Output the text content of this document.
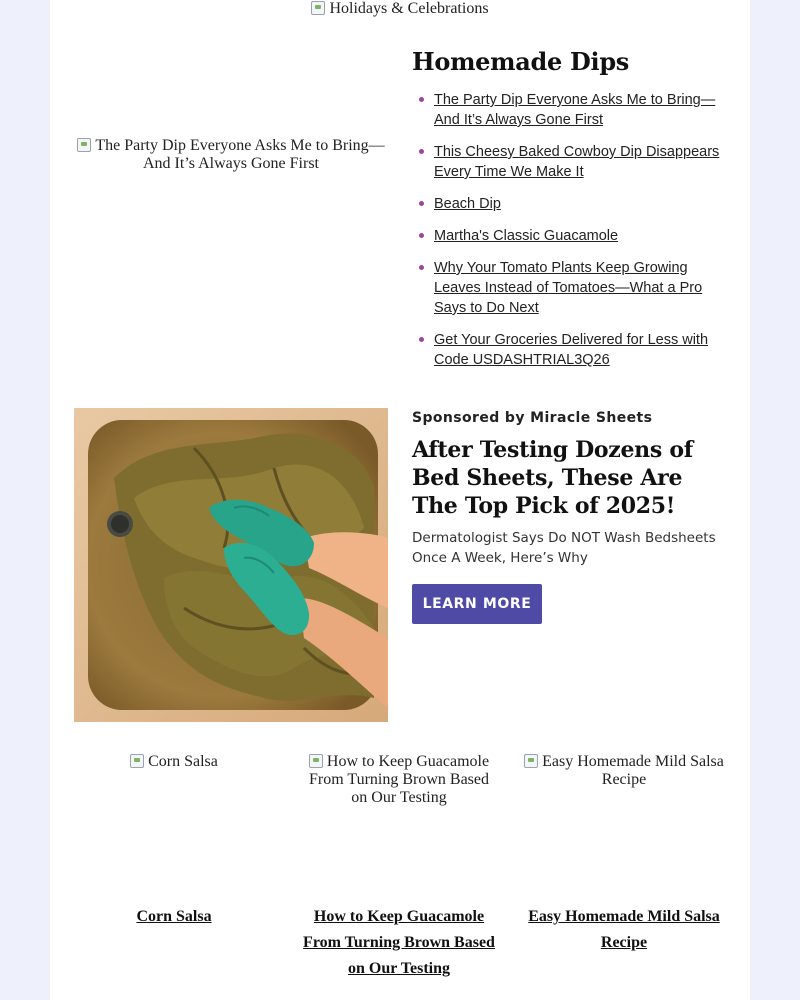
Holidays & Celebrations
The Party Dip Everyone Asks Me to Bring—And It’s Always Gone First
Homemade Dips
The Party Dip Everyone Asks Me to Bring—And It’s Always Gone First
This Cheesy Baked Cowboy Dip Disappears Every Time We Make It
Beach Dip
Martha's Classic Guacamole
Why Your Tomato Plants Keep Growing Leaves Instead of Tomatoes—What a Pro Says to Do Next
Get Your Groceries Delivered for Less with Code USDASHTRIAL3Q26
Sponsored by Miracle Sheets
After Testing Dozens of Bed Sheets, These Are The Top Pick of 2025!
Dermatologist Says Do NOT Wash Bedsheets Once A Week, Here’s Why
LEARN MORE
Corn Salsa	How to Keep Guacamole From Turning Brown Based on Our Testing
Easy Homemade Mild Salsa Recipe
Corn Salsa	How to Keep Guacamole From Turning Brown Based on Our Testing
Easy Homemade Mild Salsa Recipe
